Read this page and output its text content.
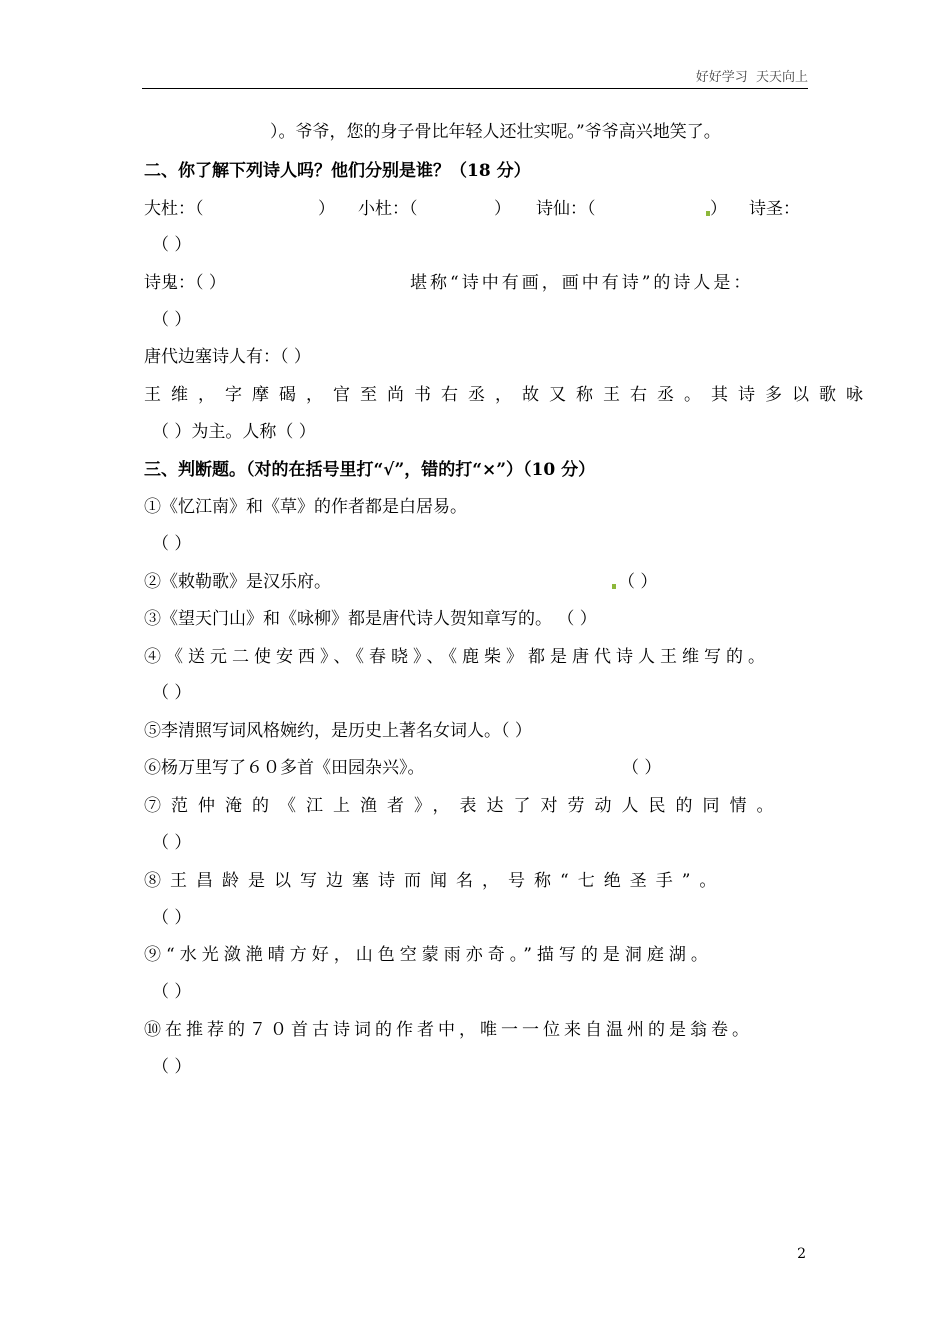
好好学习  天天向上
）。爷爷，您的身子骨比年轻人还壮实呢。”爷爷高兴地笑了。
二、你了解下列诗人吗？他们分别是谁？（18 分）
大杜：（	） 小杜：（	） 诗仙：（	） 诗圣：
（ ）
诗鬼：（ ）	堪称“诗中有画，画中有诗”的诗人是：
（ ）
唐代边塞诗人有：（ ）
王维，字摩碣，官至尚书右丞，故又称王右丞。其诗多以歌咏
（ ）为主。人称（ ）
三、判断题。（对的在括号里打“√”，错的打“×”）（10 分）
①《忆江南》和《草》的作者都是白居易。
（ ）
②《敕勒歌》是汉乐府。	（ ）
③《望天门山》和《咏柳》都是唐代诗人贺知章写的。 （ ）
④《送元二使安西》、《春晓》、《鹿柴》都是唐代诗人王维写的。
（ ）
⑤李清照写词风格婉约，是历史上著名女词人。（ ）
⑥杨万里写了６０多首《田园杂兴》。	（ ）
⑦范仲淹的《江上渔者》，表达了对劳动人民的同情。
（ ）
⑧王昌龄是以写边塞诗而闻名，号称“七绝圣手”。
（ ）
⑨“水光潋滟晴方好，山色空蒙雨亦奇。”描写的是洞庭湖。
（ ）
⑩在推荐的７０首古诗词的作者中，唯一一位来自温州的是翁卷。
（ ）
2
